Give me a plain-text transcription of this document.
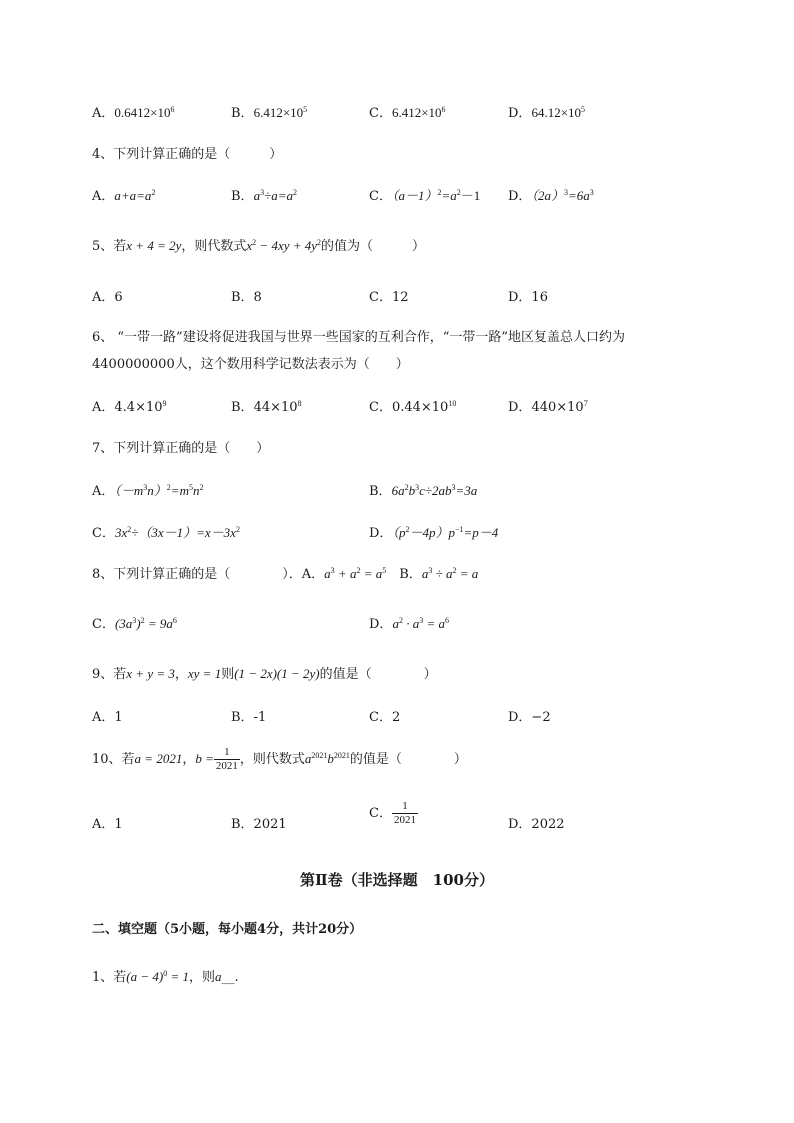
A．$0.6412\times 10^6$	B．$6.412\times 10^5$	C．$6.412\times 10^6$	D．$64.12\times 10^5$
4、下列计算正确的是（　　　）
A．$a+a=a^2$	B．$a^3\div a=a^2$	C．$(a-1)^2=a^2-1$ D．$(2a)^3=6a^3$
5、若x + 4 = 2y，则代数式$x^2 - 4xy + 4y^2$的值为（　　　）
A．6	B．8	C．12	D．16
6、 “一带一路”建设将促进我国与世界一些国家的互利合作，“一带一路”地区复盖总人口约为
4400000000人，这个数用科学记数法表示为（　　）
A．$4.4\times 10^9$	B．$44\times 10^8$	C．$0.44\times 10^{10}$	D．$440\times 10^7$
7、下列计算正确的是（　　）
A．$(-m^3n)^2=m^5n^2$	B．$6a^2b^3c\div 2ab^3=3a$
C．$3x^2\div(3x-1)=x-3x^2$	D．$(p^2-4p)p^{-1}=p-4$
8、下列计算正确的是（　　　　）．A．$a^3 + a^2 = a^5$　 B．$a^3 \div a^2 = a$
C．$(3a^3)^2 = 9a^6$	D．$a^2 \cdot a^3 = a^6$
9、若x + y = 3，xy = 1则(1 − 2x)(1 − 2y)的值是（　　　　）
A．1	B．-1	C．2	D．−2
10、若a = 2021，$b = \frac{1}{2021}$ ，则代数式$a^{2021}b^{2021}$的值是（　　　　）
A．1	B．2021
C． $\frac{1}{2021}$	D．2022
第Ⅱ卷（非选择题　100分）
二、填空题（5小题，每小题4分，共计20分）
1、若$(a - 4)^0 = 1$，则a__.
